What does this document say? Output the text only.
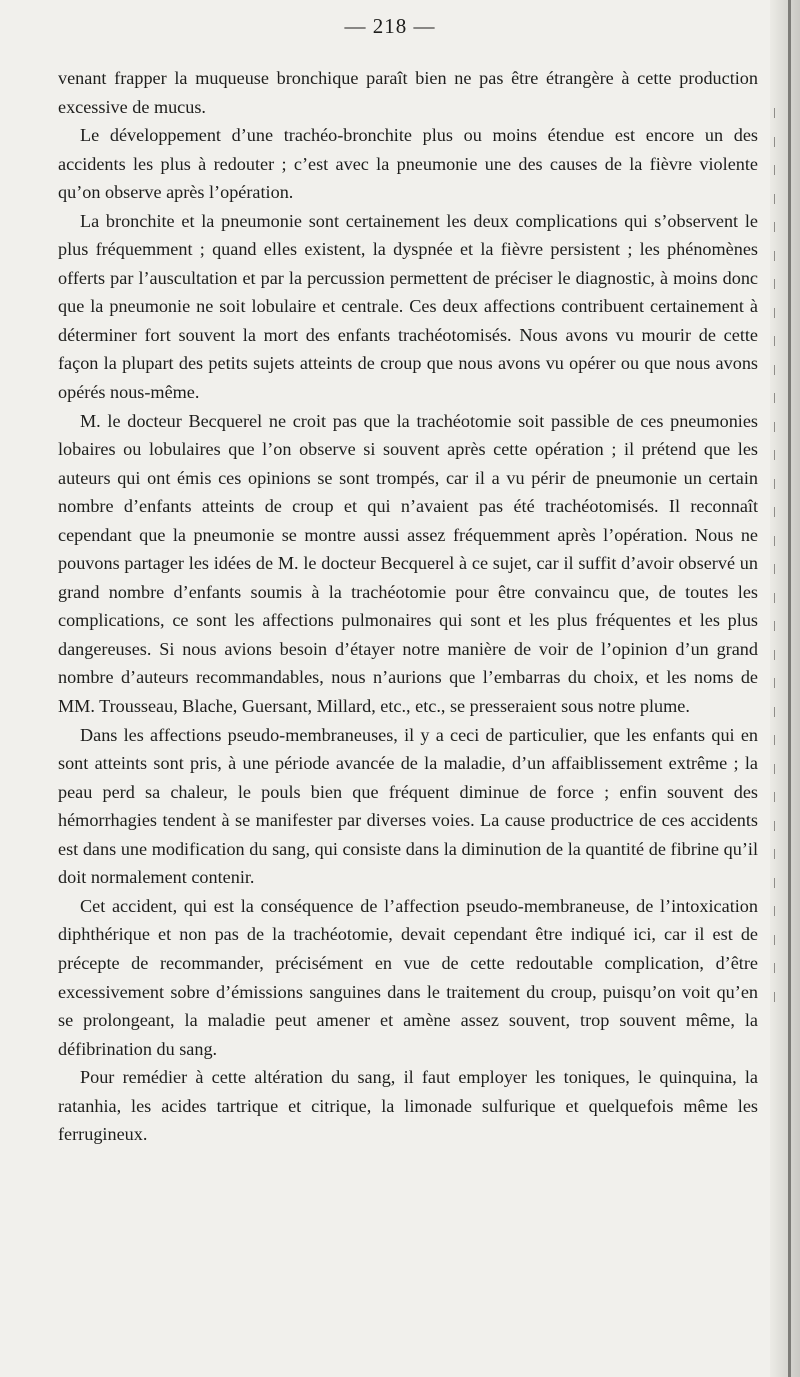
— 218 —

venant frapper la muqueuse bronchique paraît bien ne pas être étrangère à cette production excessive de mucus.

Le développement d’une trachéo-bronchite plus ou moins étendue est encore un des accidents les plus à redouter ; c’est avec la pneumonie une des causes de la fièvre violente qu’on observe après l’opération.

La bronchite et la pneumonie sont certainement les deux complications qui s’observent le plus fréquemment ; quand elles existent, la dyspnée et la fièvre persistent ; les phénomènes offerts par l’auscultation et par la percussion permettent de préciser le diagnostic, à moins donc que la pneumonie ne soit lobulaire et centrale. Ces deux affections contribuent certainement à déterminer fort souvent la mort des enfants trachéotomisés. Nous avons vu mourir de cette façon la plupart des petits sujets atteints de croup que nous avons vu opérer ou que nous avons opérés nous-même.

M. le docteur Becquerel ne croit pas que la trachéotomie soit passible de ces pneumonies lobaires ou lobulaires que l’on observe si souvent après cette opération ; il prétend que les auteurs qui ont émis ces opinions se sont trompés, car il a vu périr de pneumonie un certain nombre d’enfants atteints de croup et qui n’avaient pas été trachéotomisés. Il reconnaît cependant que la pneumonie se montre aussi assez fréquemment après l’opération. Nous ne pouvons partager les idées de M. le docteur Becquerel à ce sujet, car il suffit d’avoir observé un grand nombre d’enfants soumis à la trachéotomie pour être convaincu que, de toutes les complications, ce sont les affections pulmonaires qui sont et les plus fréquentes et les plus dangereuses. Si nous avions besoin d’étayer notre manière de voir de l’opinion d’un grand nombre d’auteurs recommandables, nous n’aurions que l’embarras du choix, et les noms de MM. Trousseau, Blache, Guersant, Millard, etc., etc., se presseraient sous notre plume.

Dans les affections pseudo-membraneuses, il y a ceci de particulier, que les enfants qui en sont atteints sont pris, à une période avancée de la maladie, d’un affaiblissement extrême ; la peau perd sa chaleur, le pouls bien que fréquent diminue de force ; enfin souvent des hémorrhagies tendent à se manifester par diverses voies. La cause productrice de ces accidents est dans une modification du sang, qui consiste dans la diminution de la quantité de fibrine qu’il doit normalement contenir.

Cet accident, qui est la conséquence de l’affection pseudo-membraneuse, de l’intoxication diphthérique et non pas de la trachéotomie, devait cependant être indiqué ici, car il est de précepte de recommander, précisément en vue de cette redoutable complication, d’être excessivement sobre d’émissions sanguines dans le traitement du croup, puisqu’on voit qu’en se prolongeant, la maladie peut amener et amène assez souvent, trop souvent même, la défibrination du sang.

Pour remédier à cette altération du sang, il faut employer les toniques, le quinquina, la ratanhia, les acides tartrique et citrique, la limonade sulfurique et quelquefois même les ferrugineux.

ǀ
ǀ
ǀ
ǀ
ǀ
ǀ
ǀ
ǀ
ǀ
ǀ
ǀ
ǀ
ǀ
ǀ
ǀ
ǀ
ǀ
ǀ
ǀ
ǀ
ǀ
ǀ
ǀ
ǀ
ǀ
ǀ
ǀ
ǀ
ǀ
ǀ
ǀ
ǀ
